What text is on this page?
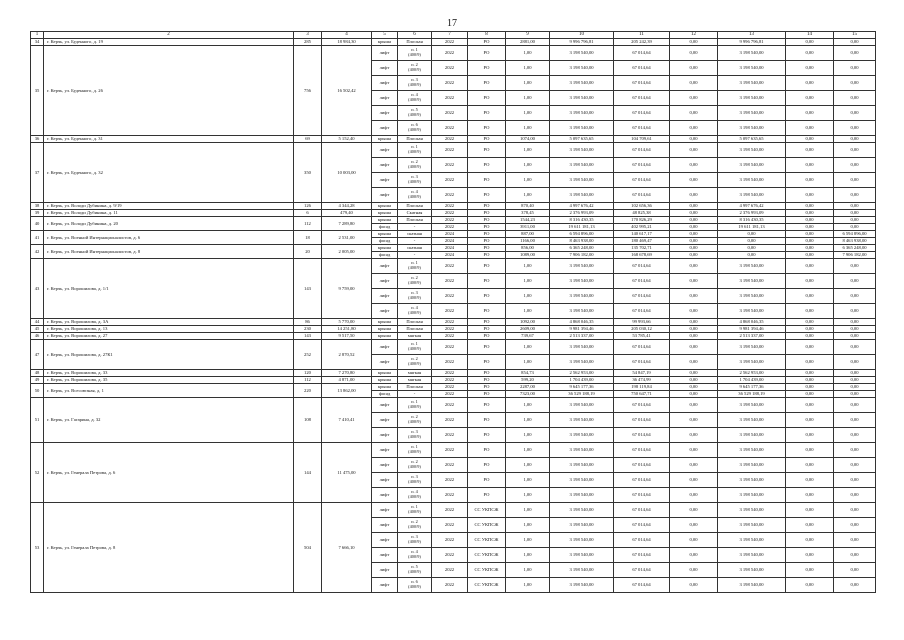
17
1	2	3	4	5	6	7	8	9	10	11	12	13	14	15
34	г. Керчь, ул. Буденного, д. 19	285	18 984,30	крыша	Плоская	2022	РО	2881,00	9 996 796,81	205 242,39	0,00	9 996 796,81	0,00	0,00
35	г. Керчь, ул. Буденного, д. 26	756	16 502,42	лифт	п. 1
(400/9)	2022	РО	1,00	3 198 540,00	67 014,64	0,00	3 198 540,00	0,00	0,00
				лифт	п. 2
(400/9)	2022	РО	1,00	3 198 540,00	67 014,64	0,00	3 198 540,00	0,00	0,00
				лифт	п. 3
(400/9)	2022	РО	1,00	3 198 540,00	67 014,64	0,00	3 198 540,00	0,00	0,00
				лифт	п. 4
(400/9)	2022	РО	1,00	3 198 540,00	67 014,64	0,00	3 198 540,00	0,00	0,00
				лифт	п. 5
(400/9)	2022	РО	1,00	3 198 540,00	67 014,64	0,00	3 198 540,00	0,00	0,00
				лифт	п. 6
(400/9)	2022	РО	1,00	3 198 540,00	67 014,64	0,00	3 198 540,00	0,00	0,00
36	г. Керчь, ул. Буденного, д. 31	69	5 152,40	крыша	Плоская	2022	РО	1074,00	5 097 635,65	104 709,61	0,00	5 097 635,65	0,00	0,00
37	г. Керчь, ул. Буденного, д. 32	350	10 003,00	лифт	п. 1
(400/9)	2022	РО	1,00	3 198 540,00	67 014,64	0,00	3 198 540,00	0,00	0,00
				лифт	п. 2
(400/9)	2022	РО	1,00	3 198 540,00	67 014,64	0,00	3 198 540,00	0,00	0,00
				лифт	п. 3
(400/9)	2022	РО	1,00	3 198 540,00	67 014,64	0,00	3 198 540,00	0,00	0,00
				лифт	п. 4
(400/9)	2022	РО	1,00	3 198 540,00	67 014,64	0,00	3 198 540,00	0,00	0,00
38	г. Керчь, ул. Володи Дубинина, д. 9/19	126	4 344,28	крыша	Плоская	2022	РО	870,40	4 997 676,42	102 656,36	0,00	4 997 676,42	0,00	0,00
39	г. Керчь, ул. Володи Дубинина, д. 11	6	479,40	крыша	Скатная	2022	РО	378,45	2 376 993,09	48 825,38	0,00	2 376 993,09	0,00	0,00
40	г. Керчь, ул. Володи Дубинина, д. 20	112	7 289,80	крыша	Плоская	2022	РО	1544,23	8 316 430,35	170 826,29	0,00	8 316 430,35	0,00	0,00
				фасад	-	2022	РО	3911,00	19 611 181,13	402 995,21	0,00	19 611 181,13	0,00	0,00
41	г. Керчь, ул. Военной Интернационалистов, д. 6	18	2 531,00	крыша	скатная	2024	РО	887,00	6 594 896,00	140 617,17	0,00	0,00	0,00	6 594 896,00
				фасад	-	2024	РО	1166,00	8 463 938,00	180 469,47	0,00	0,00	0,00	8 463 938,00
42	г. Керчь, ул. Военной Интернационалистов, д. 8	20	2 005,00	крыша	скатная	2024	РО	856,00	6 365 248,00	135 702,71	0,00	0,00	0,00	6 365 248,00
				фасад	-	2024	РО	1089,00	7 906 182,00	168 678,69	0,00	0,00	0,00	7 906 182,00
43	г. Керчь, ул. Ворошилова, д. 1/1	143	9 759,00	лифт	п. 1
(400/9)	2022	РО	1,00	3 198 540,00	67 014,64	0,00	3 198 540,00	0,00	0,00
				лифт	п. 2
(400/9)	2022	РО	1,00	3 198 540,00	67 014,64	0,00	3 198 540,00	0,00	0,00
				лифт	п. 3
(400/9)	2022	РО	1,00	3 198 540,00	67 014,64	0,00	3 198 540,00	0,00	0,00
				лифт	п. 4
(400/9)	2022	РО	1,00	3 198 540,00	67 014,64	0,00	3 198 540,00	0,00	0,00
44	г. Керчь, ул. Ворошилова, д. 3А	86	5 770,00	крыша	Плоская	2022	РО	1092,00	4 868 046,35	99 993,66	0,00	4 868 046,35	0,00	0,00
45	г. Керчь, ул. Ворошилова, д. 13	230	14 251,80	крыша	Плоская	2022	РО	2609,00	9 981 394,46	205 030,12	0,00	9 981 394,46	0,00	0,00
46	г. Керчь, ул. Ворошилова, д. 27	143	9 517,50	крыша	мягкая	2022	РО	739,67	2 513 337,00	53 785,41	0,00	2 513 337,00	0,00	0,00
47	г. Керчь, ул. Ворошилова, д. 27К1	252	2 870,52	лифт	п. 1
(400/9)	2022	РО	1,00	3 198 540,00	67 014,64	0,00	3 198 540,00	0,00	0,00
				лифт	п. 2
(400/9)	2022	РО	1,00	3 198 540,00	67 014,64	0,00	3 198 540,00	0,00	0,00
48	г. Керчь, ул. Ворошилова, д. 33	120	7 270,80	крыша	мягкая	2022	РО	854,73	2 562 953,00	54 847,19	0,00	2 562 953,00	0,00	0,00
49	г. Керчь, ул. Ворошилова, д. 35	112	4 871,00	крыша	мягкая	2022	РО	599,20	1 704 439,00	36 474,99	0,00	1 704 439,00	0,00	0,00
50	г. Керчь, ул. Всесоюзная, д. 1	220	13 862,00	крыша	Плоская	2022	РО	2287,00	9 645 177,36	198 119,84	0,00	9 645 177,36	0,00	0,00
				фасад	-	2022	РО	7323,00	36 529 188,19	750 647,71	0,00	36 529 188,19	0,00	0,00
51	г. Керчь, ул. Гагарина, д. 32	108	7 410,41	лифт	п. 1
(400/9)	2022	РО	1,00	3 198 540,00	67 014,64	0,00	3 198 540,00	0,00	0,00
				лифт	п. 2
(400/9)	2022	РО	1,00	3 198 540,00	67 014,64	0,00	3 198 540,00	0,00	0,00
				лифт	п. 3
(400/9)	2022	РО	1,00	3 198 540,00	67 014,64	0,00	3 198 540,00	0,00	0,00
52	г. Керчь, ул. Генерала Петрова, д. 6	144	11 475,00	лифт	п. 1
(400/9)	2022	РО	1,00	3 198 540,00	67 014,64	0,00	3 198 540,00	0,00	0,00
				лифт	п. 2
(400/9)	2022	РО	1,00	3 198 540,00	67 014,64	0,00	3 198 540,00	0,00	0,00
				лифт	п. 3
(400/9)	2022	РО	1,00	3 198 540,00	67 014,64	0,00	3 198 540,00	0,00	0,00
				лифт	п. 4
(400/9)	2022	РО	1,00	3 198 540,00	67 014,64	0,00	3 198 540,00	0,00	0,00
53	г. Керчь, ул. Генерала Петрова, д. 8	504	7 666,10	лифт	п. 1
(400/9)	2022	СС УКПСЖ	1,00	3 198 540,00	67 014,64	0,00	3 198 540,00	0,00	0,00
				лифт	п. 2
(400/9)	2022	СС УКПСЖ	1,00	3 198 540,00	67 014,64	0,00	3 198 540,00	0,00	0,00
				лифт	п. 3
(400/9)	2022	СС УКПСЖ	1,00	3 198 540,00	67 014,64	0,00	3 198 540,00	0,00	0,00
				лифт	п. 4
(400/9)	2022	СС УКПСЖ	1,00	3 198 540,00	67 014,64	0,00	3 198 540,00	0,00	0,00
				лифт	п. 5
(400/9)	2022	СС УКПСЖ	1,00	3 198 540,00	67 014,64	0,00	3 198 540,00	0,00	0,00
				лифт	п. 6
(400/9)	2022	СС УКПСЖ	1,00	3 198 540,00	67 014,64	0,00	3 198 540,00	0,00	0,00
